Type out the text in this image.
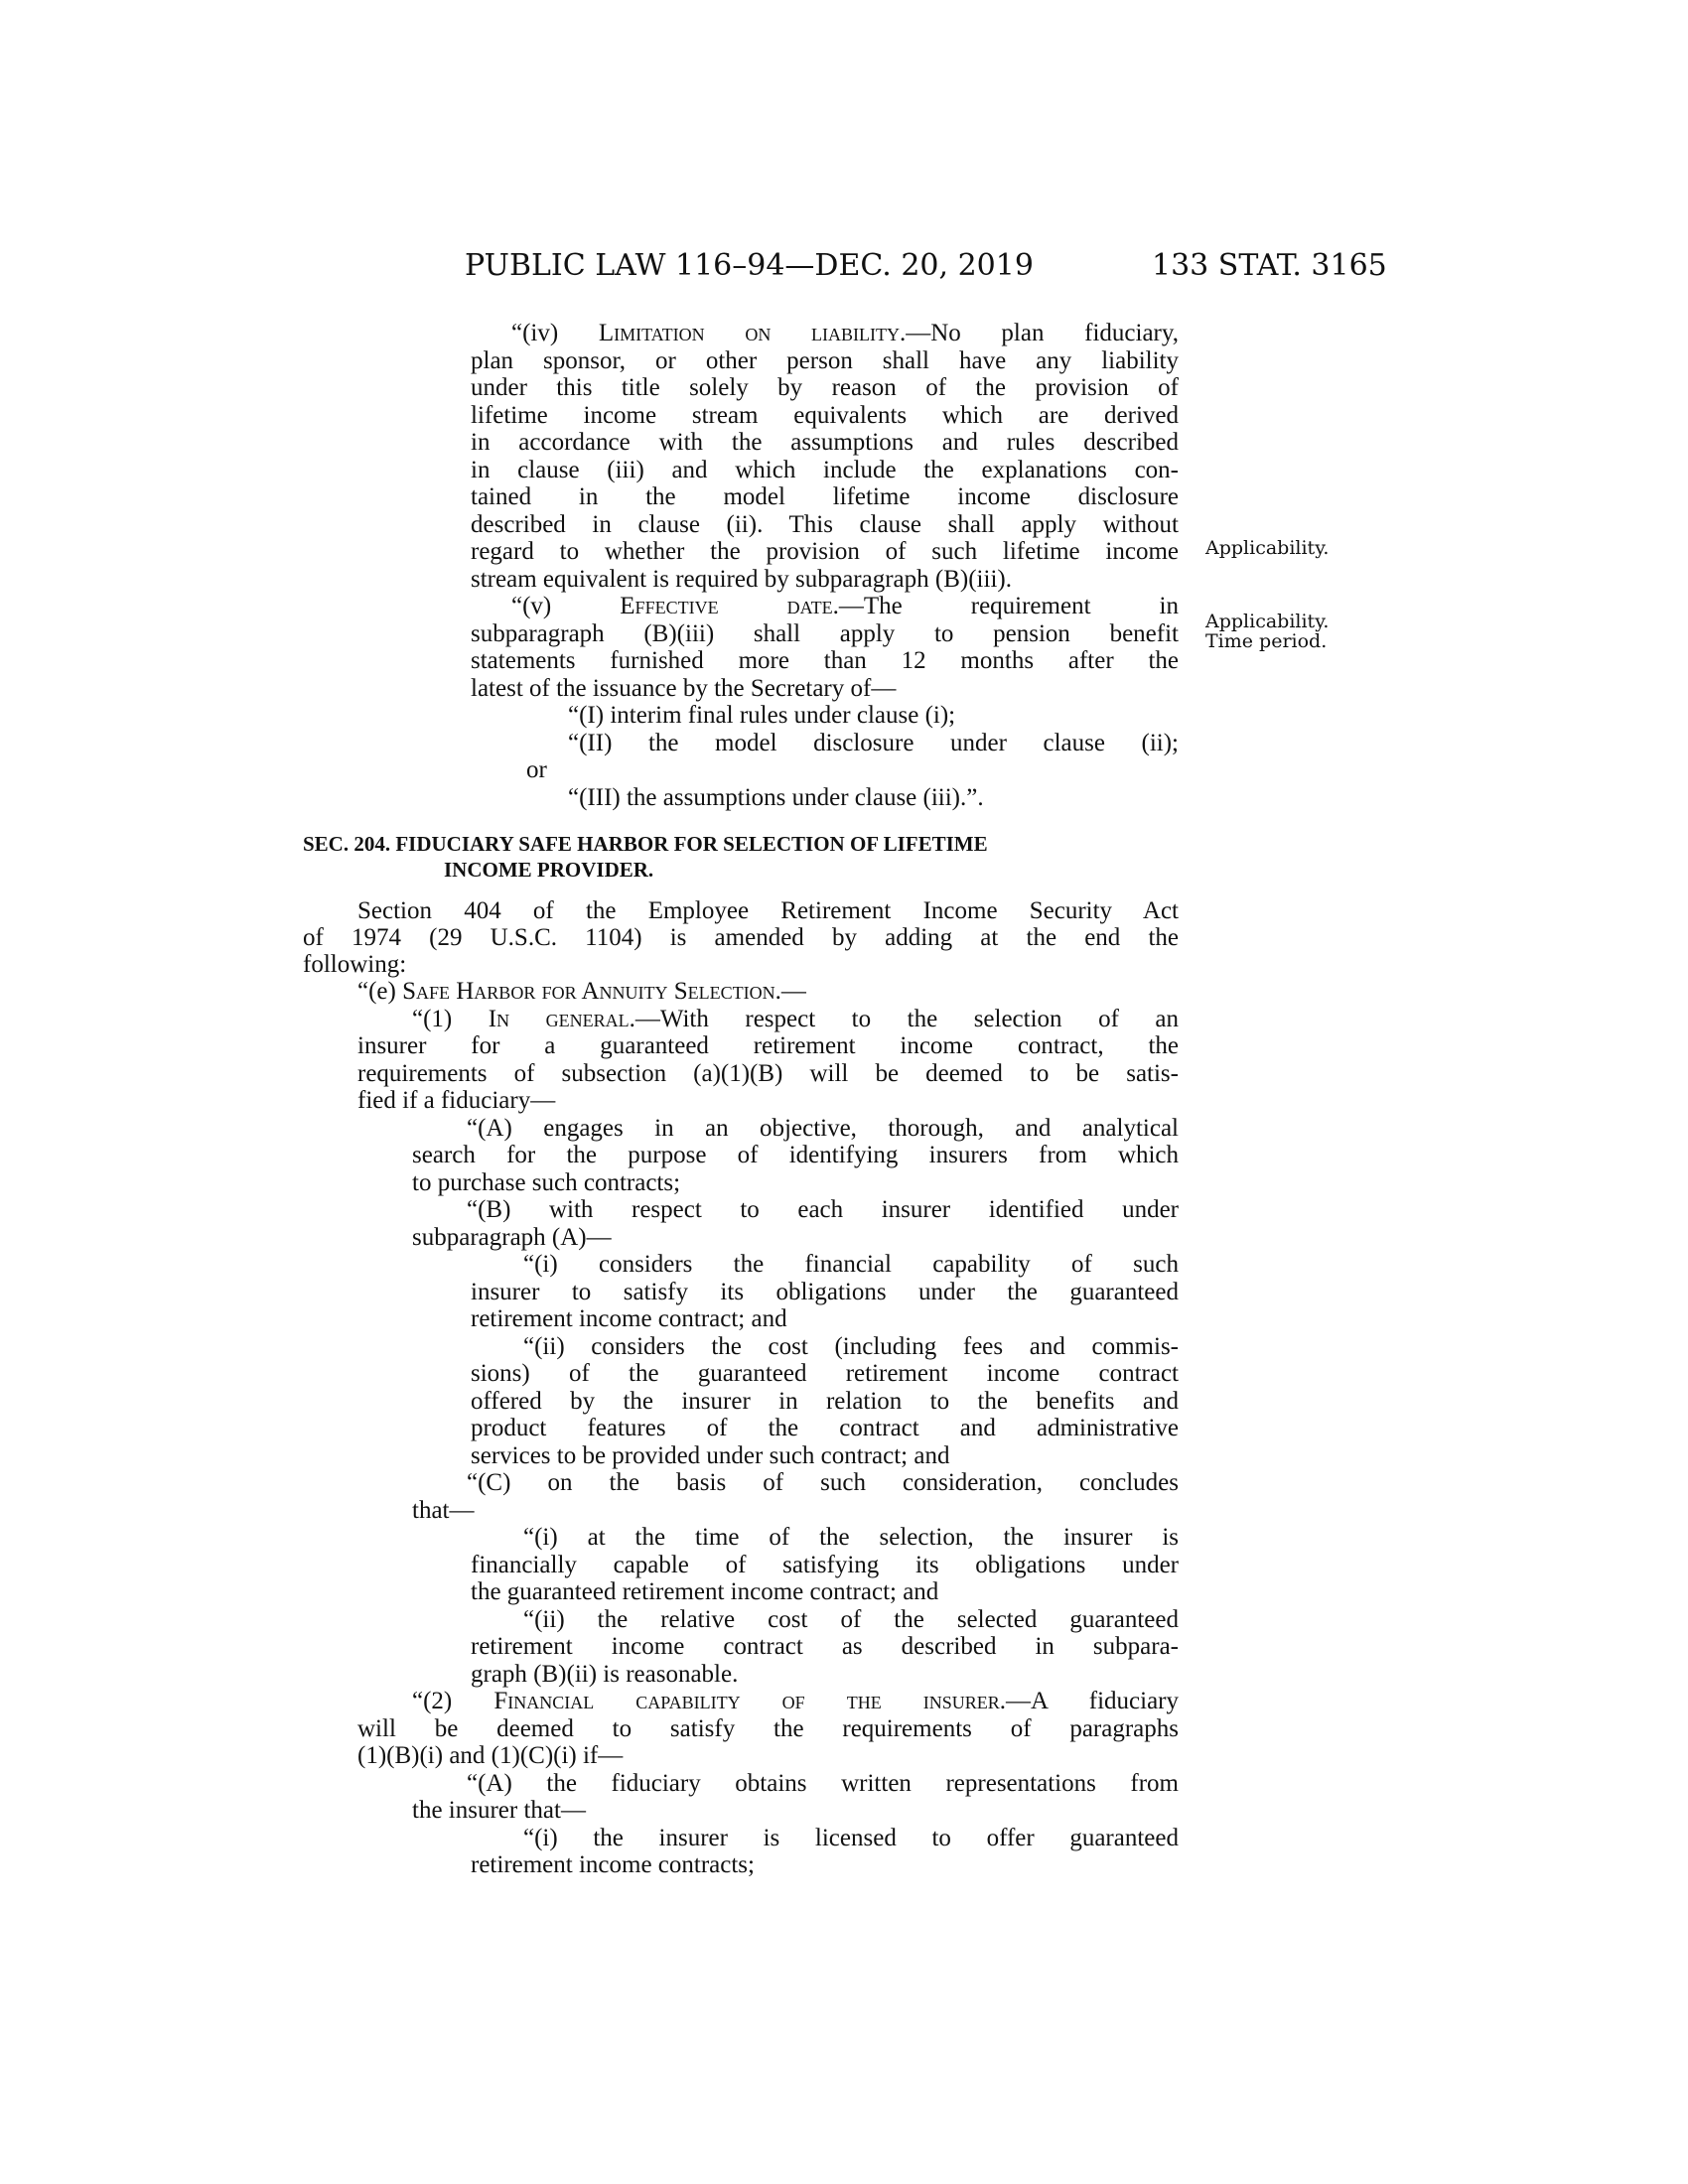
PUBLIC LAW 116–94—DEC. 20, 2019	133 STAT. 3165
Applicability.
Applicability.
Time period.
“(iv) Limitation on liability.—No plan fiduciary,
plan sponsor, or other person shall have any liability
under this title solely by reason of the provision of
lifetime income stream equivalents which are derived
in accordance with the assumptions and rules described
in clause (iii) and which include the explanations con-
tained in the model lifetime income disclosure
described in clause (ii). This clause shall apply without
regard to whether the provision of such lifetime income
stream equivalent is required by subparagraph (B)(iii).
“(v) Effective date.—The requirement in
subparagraph (B)(iii) shall apply to pension benefit
statements furnished more than 12 months after the
latest of the issuance by the Secretary of—
“(I) interim final rules under clause (i);
“(II) the model disclosure under clause (ii);
or
“(III) the assumptions under clause (iii).”.
SEC. 204. FIDUCIARY SAFE HARBOR FOR SELECTION OF LIFETIME
INCOME PROVIDER.
Section 404 of the Employee Retirement Income Security Act
of 1974 (29 U.S.C. 1104) is amended by adding at the end the
following:
“(e) Safe Harbor for Annuity Selection.—
“(1) In general.—With respect to the selection of an
insurer for a guaranteed retirement income contract, the
requirements of subsection (a)(1)(B) will be deemed to be satis-
fied if a fiduciary—
“(A) engages in an objective, thorough, and analytical
search for the purpose of identifying insurers from which
to purchase such contracts;
“(B) with respect to each insurer identified under
subparagraph (A)—
“(i) considers the financial capability of such
insurer to satisfy its obligations under the guaranteed
retirement income contract; and
“(ii) considers the cost (including fees and commis-
sions) of the guaranteed retirement income contract
offered by the insurer in relation to the benefits and
product features of the contract and administrative
services to be provided under such contract; and
“(C) on the basis of such consideration, concludes
that—
“(i) at the time of the selection, the insurer is
financially capable of satisfying its obligations under
the guaranteed retirement income contract; and
“(ii) the relative cost of the selected guaranteed
retirement income contract as described in subpara-
graph (B)(ii) is reasonable.
“(2) Financial capability of the insurer.—A fiduciary
will be deemed to satisfy the requirements of paragraphs
(1)(B)(i) and (1)(C)(i) if—
“(A) the fiduciary obtains written representations from
the insurer that—
“(i) the insurer is licensed to offer guaranteed
retirement income contracts;
